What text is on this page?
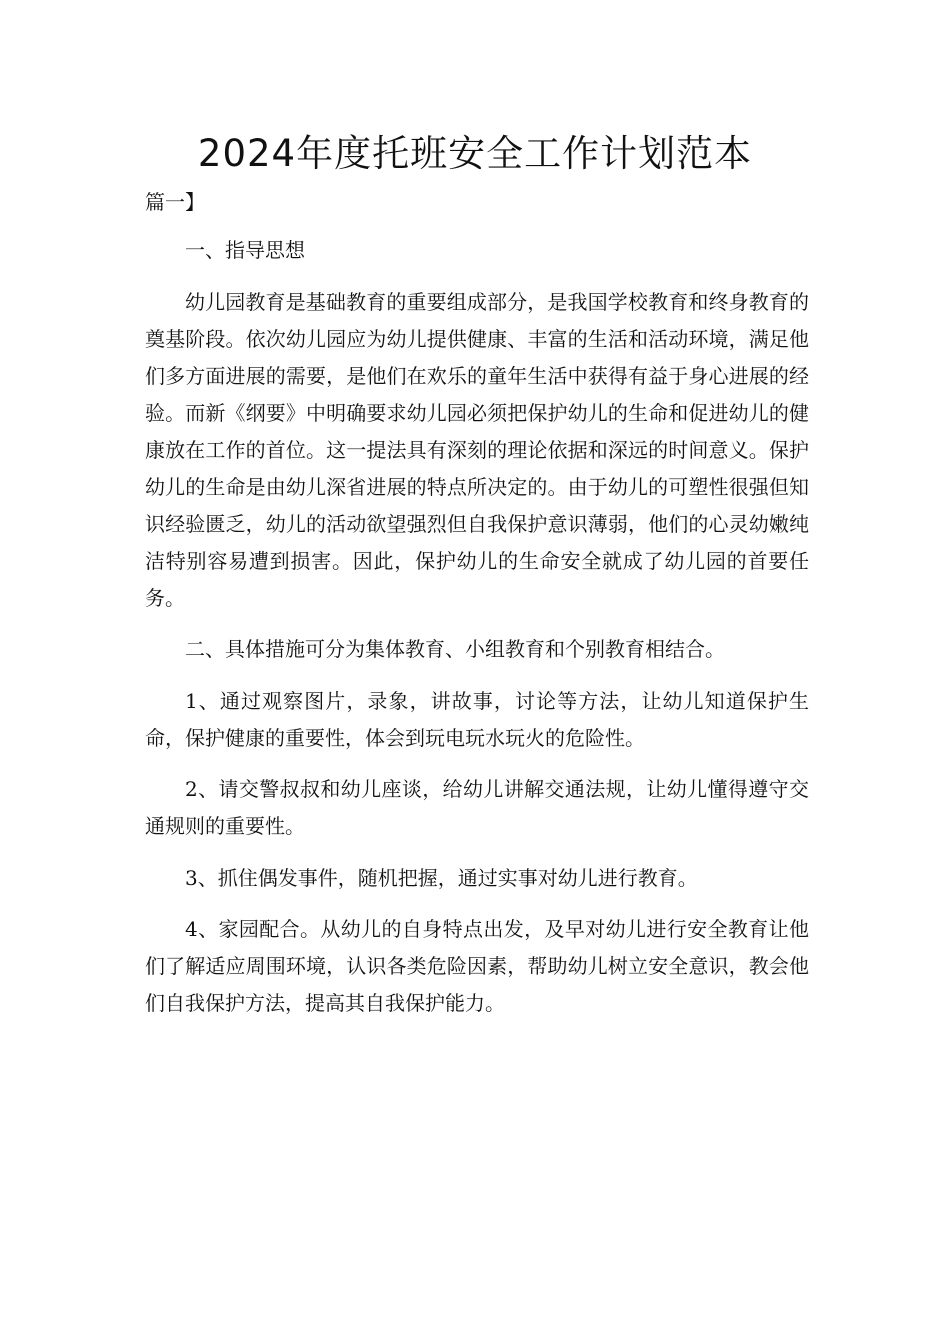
2024年度托班安全工作计划范本
篇一】

一、指导思想

幼儿园教育是基础教育的重要组成部分，是我国学校教育和终身教育的奠基阶段。依次幼儿园应为幼儿提供健康、丰富的生活和活动环境，满足他们多方面进展的需要，是他们在欢乐的童年生活中获得有益于身心进展的经验。而新《纲要》中明确要求幼儿园必须把保护幼儿的生命和促进幼儿的健康放在工作的首位。这一提法具有深刻的理论依据和深远的时间意义。保护幼儿的生命是由幼儿深省进展的特点所决定的。由于幼儿的可塑性很强但知识经验匮乏，幼儿的活动欲望强烈但自我保护意识薄弱，他们的心灵幼嫩纯洁特别容易遭到损害。因此，保护幼儿的生命安全就成了幼儿园的首要任务。

二、具体措施可分为集体教育、小组教育和个别教育相结合。

1、通过观察图片，录象，讲故事，讨论等方法，让幼儿知道保护生命，保护健康的重要性，体会到玩电玩水玩火的危险性。

2、请交警叔叔和幼儿座谈，给幼儿讲解交通法规，让幼儿懂得遵守交通规则的重要性。

3、抓住偶发事件，随机把握，通过实事对幼儿进行教育。

4、家园配合。从幼儿的自身特点出发，及早对幼儿进行安全教育让他们了解适应周围环境，认识各类危险因素，帮助幼儿树立安全意识，教会他们自我保护方法，提高其自我保护能力。
